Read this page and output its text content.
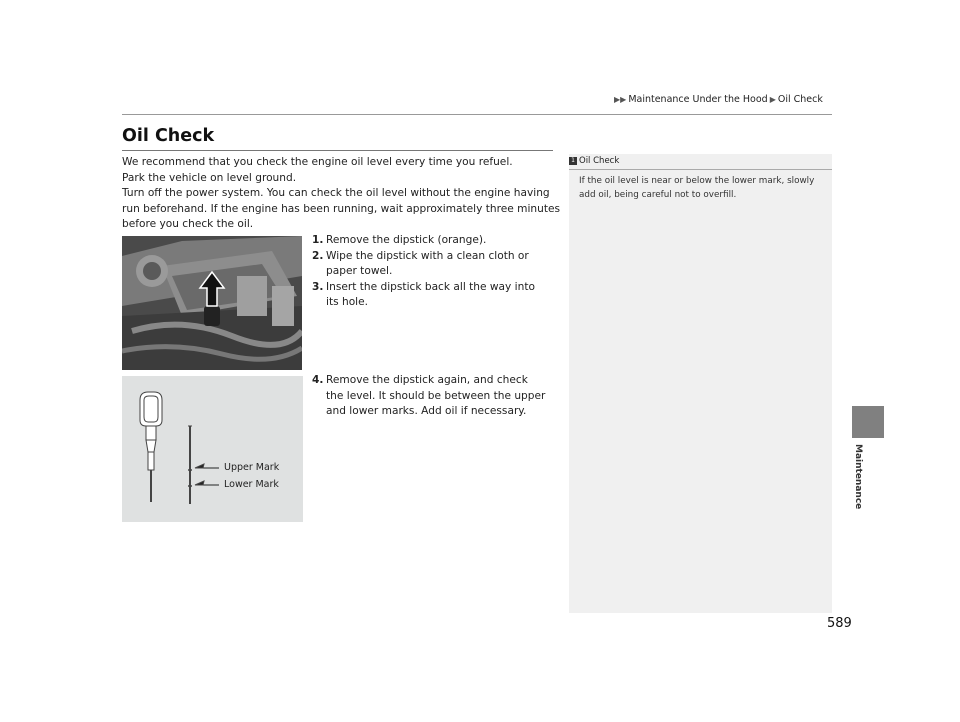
▶▶ Maintenance Under the Hood ▶ Oil Check
Oil Check
We recommend that you check the engine oil level every time you refuel.
Park the vehicle on level ground.
Turn off the power system. You can check the oil level without the engine having
run beforehand. If the engine has been running, wait approximately three minutes
before you check the oil.
1. Remove the dipstick (orange).
2. Wipe the dipstick with a clean cloth or paper towel.
3. Insert the dipstick back all the way into its hole.
4. Remove the dipstick again, and check the level. It should be between the upper and lower marks. Add oil if necessary.
Upper Mark
Lower Mark
1 Oil Check
If the oil level is near or below the lower mark, slowly add oil, being careful not to overfill.
Maintenance
589
